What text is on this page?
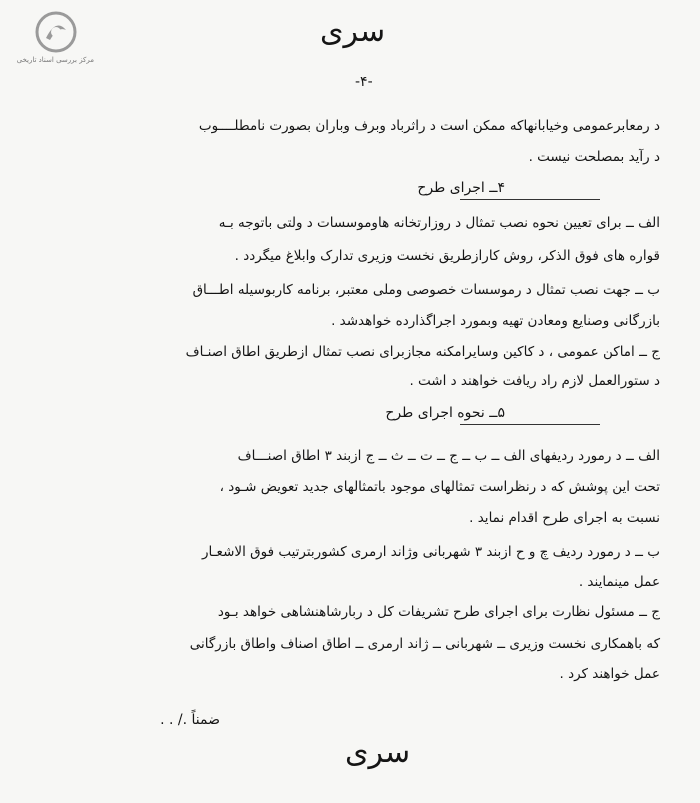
مرکز بررسی اسناد تاریخی
سری
-۴-
د رمعابرعمومی وخیابانهاکه ممکن است د راثرباد وبرف وباران بصورت نامطلــــوب
د رآید بمصلحت نیست .
۴ــ اجرای طرح
الف ــ برای تعیین نحوه نصب تمثال د روزارتخانه هاوموسسات د ولتی باتوجه بـه
قواره های فوق الذکر، روش کارازطریق نخست وزیری تدارک وابلاغ میگردد .
ب ــ جهت نصب تمثال د رموسسات خصوصی وملی معتبر، برنامه کاربوسیله اطـــاق
بازرگانی وصنایع ومعادن تهیه وبمورد اجراگذارده خواهدشد .
ج ــ اماکن عمومی ، د کاکین وسایرامکنه مجازبرای نصب تمثال ازطریق اطاق اصنـاف
د ستورالعمل لازم راد ریافت خواهند د اشت .
۵ــ نحوه اجرای طرح
الف ــ د رمورد ردیفهای الف ــ ب ــ ج ــ ت ــ ث ــ ج ازبند ۳ اطاق اصنـــاف
تحت این پوشش که د رنظراست تمثالهای موجود باتمثالهای جدید تعویض شـود ،
نسبت به اجرای طرح اقدام نماید .
ب ــ د رمورد ردیف چ و ح ازبند ۳ شهربانی وژاند ارمری کشوربترتیب فوق الاشعـار
عمل مینمایند .
ج ــ مسئول نظارت برای اجرای طرح تشریفات کل د ربارشاهنشاهی خواهد بـود
که باهمکاری نخست وزیری ــ شهربانی ــ ژاند ارمری ــ اطاق اصناف واطاق بازرگانی
عمل خواهند کرد .
ضمناً ./ . .
سری
